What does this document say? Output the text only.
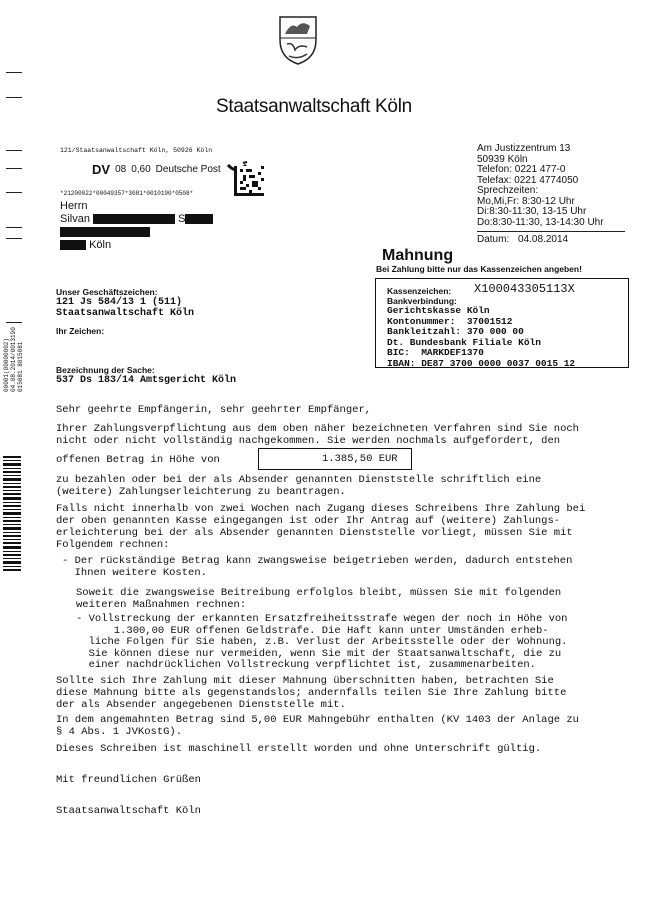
Staatsanwaltschaft Köln
121/Staatsanwaltschaft Köln, 50926 Köln
DV 08 0,60 Deutsche Post
*21200022*00049357*3081*0010190*0508*
Herrn
Silvan	S
Köln
Am Justizzentrum 13
50939 Köln
Telefon: 0221 477-0
Telefax: 0221 4774050
Sprechzeiten:
Mo,Mi,Fr: 8:30-12 Uhr
Di:8:30-11:30, 13-15 Uhr
Do:8:30-11:30, 13-14:30 Uhr
Datum: 04.08.2014
Mahnung
Bei Zahlung bitte nur das Kassenzeichen angeben!
Kassenzeichen: X100043305113X
Bankverbindung:
Gerichtskasse Köln
Kontonummer:  37001512
Bankleitzahl: 370 000 00
Dt. Bundesbank Filiale Köln
BIC:  MARKDEF1370
IBAN: DE87 3700 0000 0037 0015 12
Unser Geschäftszeichen:
121 Js 584/13 1 (511)
Staatsanwaltschaft Köln
Ihr Zeichen:
Bezeichnung der Sache:
537 Ds 183/14 Amtsgericht Köln
00001(00000002) 04.08.2014/0013190 015081 8015081
Sehr geehrte Empfängerin, sehr geehrter Empfänger,
Ihrer Zahlungsverpflichtung aus dem oben näher bezeichneten Verfahren sind Sie noch
nicht oder nicht vollständig nachgekommen. Sie werden nochmals aufgefordert, den
offenen Betrag in Höhe von	1.385,50 EUR
zu bezahlen oder bei der als Absender genannten Dienststelle schriftlich eine
(weitere) Zahlungserleichterung zu beantragen.
Falls nicht innerhalb von zwei Wochen nach Zugang dieses Schreibens Ihre Zahlung bei
der oben genannten Kasse eingegangen ist oder Ihr Antrag auf (weitere) Zahlungs-
erleichterung bei der als Absender genannten Dienststelle vorliegt, müssen Sie mit
Folgendem rechnen:
- Der rückständige Betrag kann zwangsweise beigetrieben werden, dadurch entstehen
Ihnen weitere Kosten.
Soweit die zwangsweise Beitreibung erfolglos bleibt, müssen Sie mit folgenden
weiteren Maßnahmen rechnen:
- Vollstreckung der erkannten Ersatzfreiheitsstrafe wegen der noch in Höhe von
1.300,00 EUR offenen Geldstrafe. Die Haft kann unter Umständen erheb-
liche Folgen für Sie haben, z.B. Verlust der Arbeitsstelle oder der Wohnung.
Sie können diese nur vermeiden, wenn Sie mit der Staatsanwaltschaft, die zu
einer nachdrücklichen Vollstreckung verpflichtet ist, zusammenarbeiten.
Sollte sich Ihre Zahlung mit dieser Mahnung überschnitten haben, betrachten Sie
diese Mahnung bitte als gegenstandslos; andernfalls teilen Sie Ihre Zahlung bitte
der als Absender angegebenen Dienststelle mit.
In dem angemahnten Betrag sind 5,00 EUR Mahngebühr enthalten (KV 1403 der Anlage zu
§ 4 Abs. 1 JVKostG).
Dieses Schreiben ist maschinell erstellt worden und ohne Unterschrift gültig.
Mit freundlichen Grüßen
Staatsanwaltschaft Köln
